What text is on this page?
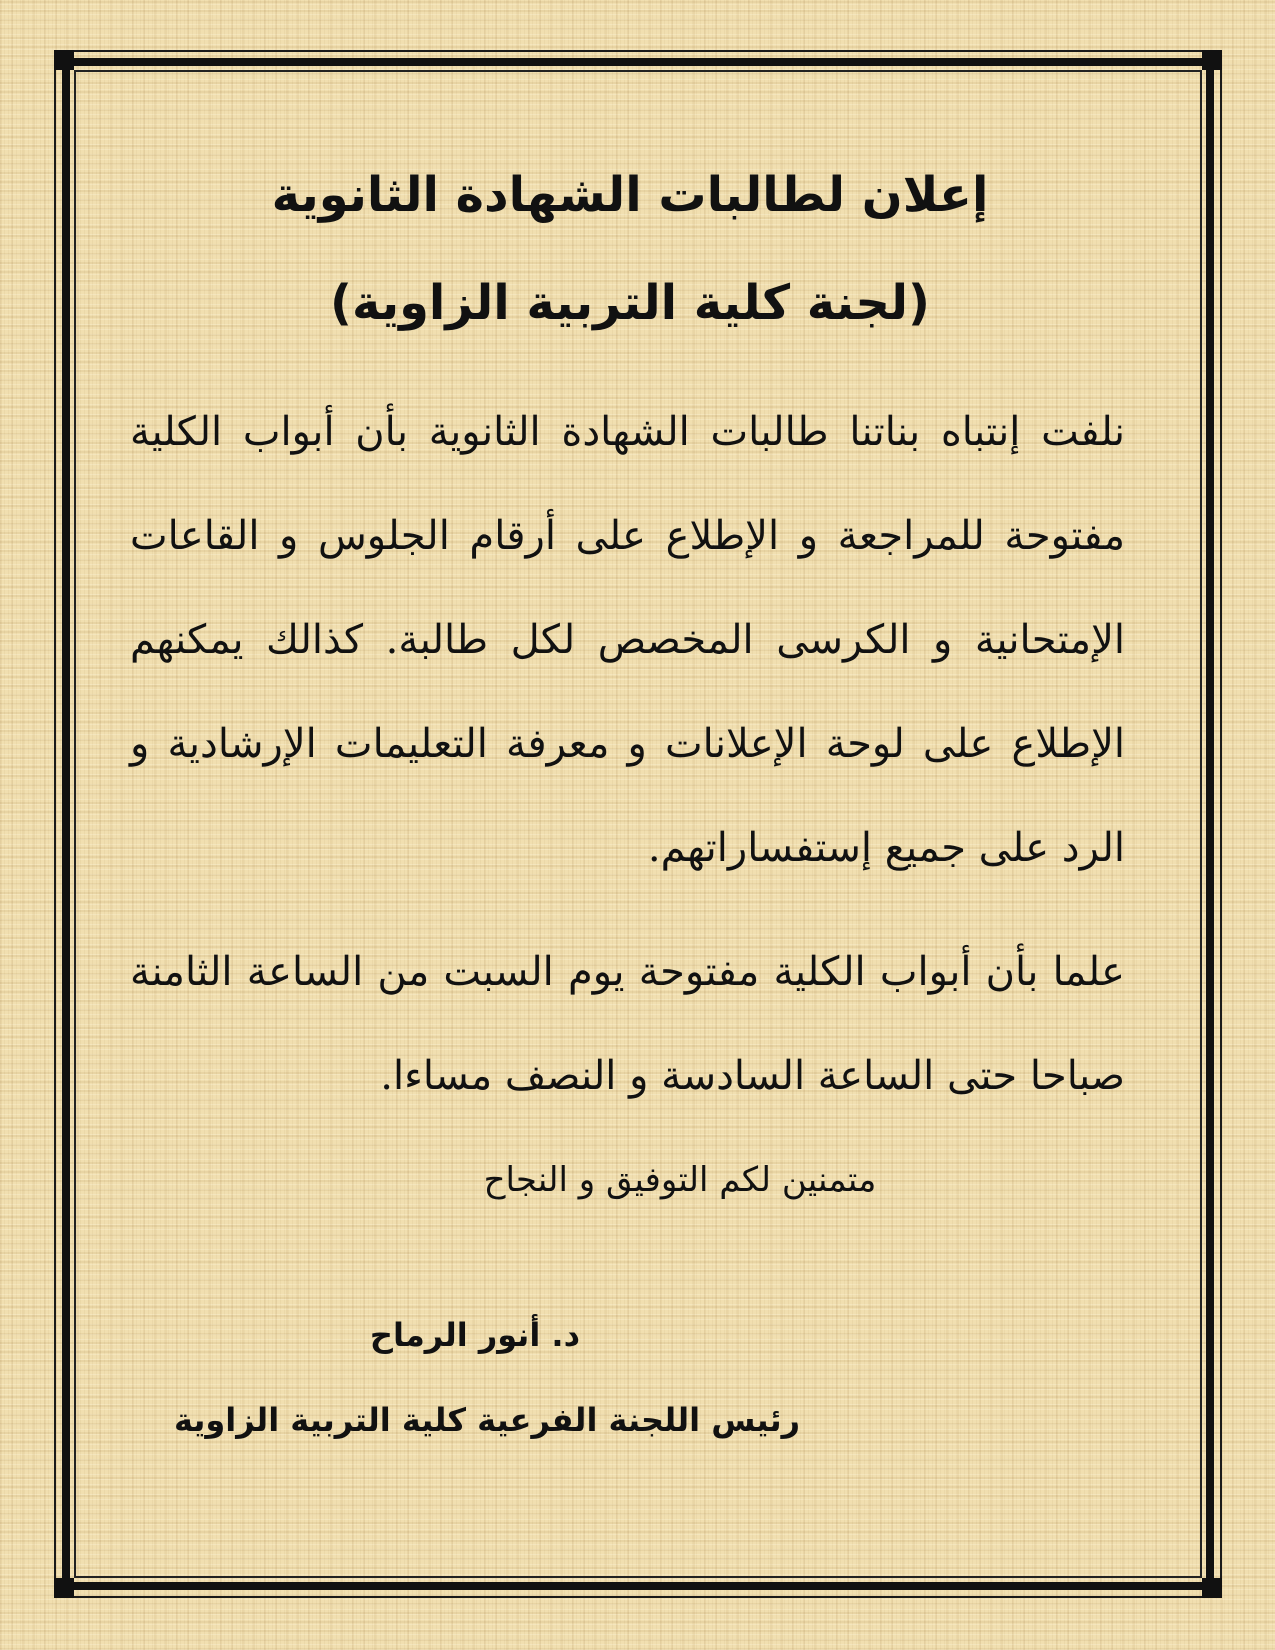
إعلان لطالبات الشهادة الثانوية
(لجنة كلية التربية الزاوية)

نلفت إنتباه بناتنا طالبات الشهادة الثانوية بأن أبواب الكلية مفتوحة للمراجعة و الإطلاع على أرقام الجلوس و القاعات الإمتحانية و الكرسى المخصص لكل طالبة. كذالك يمكنهم الإطلاع على لوحة الإعلانات و معرفة التعليمات الإرشادية و الرد على جميع إستفساراتهم.

علما بأن أبواب الكلية مفتوحة يوم السبت من الساعة الثامنة صباحا حتى الساعة السادسة و النصف مساءا.

متمنين لكم التوفيق و النجاح

د. أنور الرماح

رئيس اللجنة الفرعية كلية التربية الزاوية
